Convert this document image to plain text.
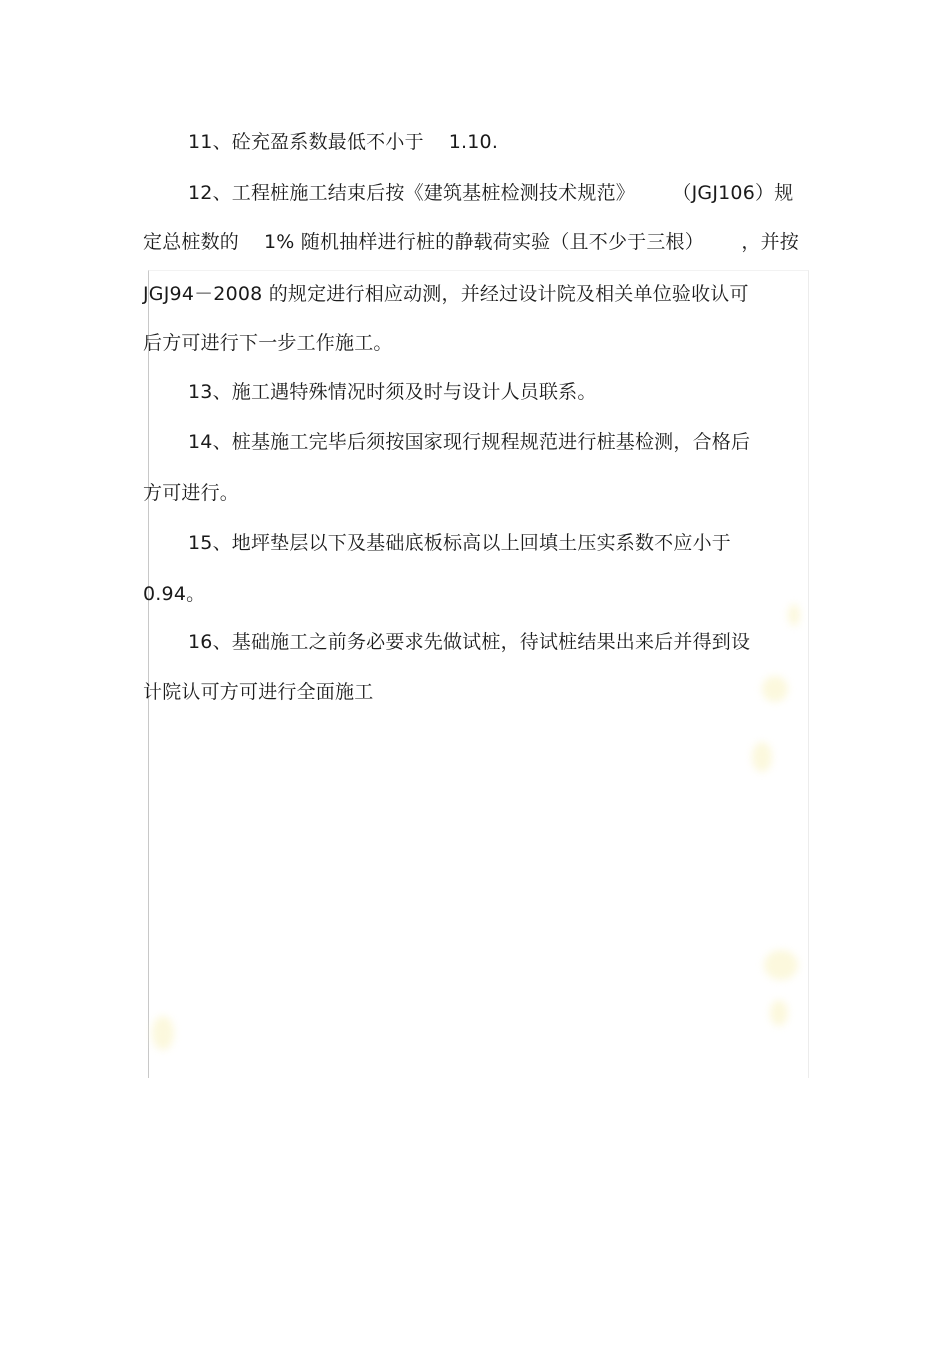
11、砼充盈系数最低不小于    1.10.
12、工程桩施工结束后按《建筑基桩检测技术规范》      （JGJ106）规
定总桩数的    1% 随机抽样进行桩的静载荷实验（且不少于三根）      ，并按
JGJ94－2008 的规定进行相应动测，并经过设计院及相关单位验收认可
后方可进行下一步工作施工。
13、施工遇特殊情况时须及时与设计人员联系。
14、桩基施工完毕后须按国家现行规程规范进行桩基检测，合格后
方可进行。
15、地坪垫层以下及基础底板标高以上回填土压实系数不应小于
0.94。
16、基础施工之前务必要求先做试桩，待试桩结果出来后并得到设
计院认可方可进行全面施工
